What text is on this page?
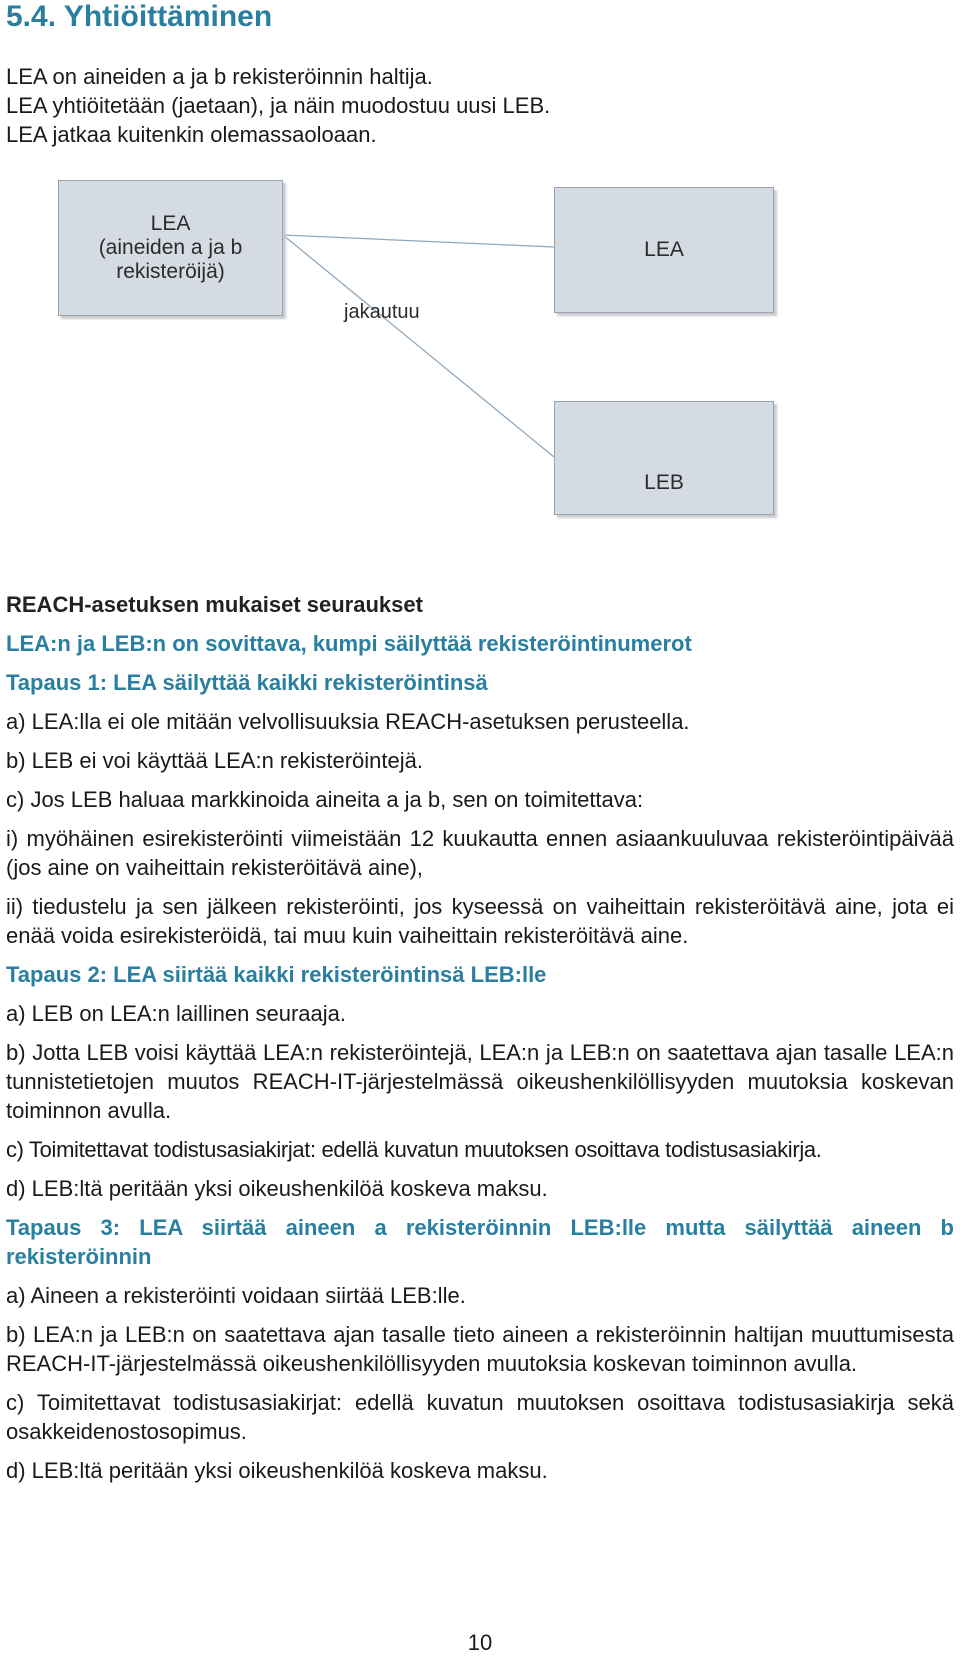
5.4. Yhtiöittäminen
LEA on aineiden a ja b rekisteröinnin haltija.
LEA yhtiöitetään (jaetaan), ja näin muodostuu uusi LEB.
LEA jatkaa kuitenkin olemassaoloaan.
LEA
(aineiden a ja b
rekisteröijä)
LEA
LEB
jakautuu
REACH-asetuksen mukaiset seuraukset
LEA:n ja LEB:n on sovittava, kumpi säilyttää rekisteröintinumerot
Tapaus 1: LEA säilyttää kaikki rekisteröintinsä
a) LEA:lla ei ole mitään velvollisuuksia REACH-asetuksen perusteella.
b) LEB ei voi käyttää LEA:n rekisteröintejä.
c) Jos LEB haluaa markkinoida aineita a ja b, sen on toimitettava:
i) myöhäinen esirekisteröinti viimeistään 12 kuukautta ennen asiaankuuluvaa rekisteröintipäivää (jos aine on vaiheittain rekisteröitävä aine),
ii) tiedustelu ja sen jälkeen rekisteröinti, jos kyseessä on vaiheittain rekisteröitävä aine, jota ei enää voida esirekisteröidä, tai muu kuin vaiheittain rekisteröitävä aine.
Tapaus 2: LEA siirtää kaikki rekisteröintinsä LEB:lle
a) LEB on LEA:n laillinen seuraaja.
b) Jotta LEB voisi käyttää LEA:n rekisteröintejä, LEA:n ja LEB:n on saatettava ajan tasalle LEA:n tunnistetietojen muutos REACH-IT-järjestelmässä oikeushenkilöllisyyden muutoksia koskevan toiminnon avulla.
c) Toimitettavat todistusasiakirjat: edellä kuvatun muutoksen osoittava todistusasiakirja.
d) LEB:ltä peritään yksi oikeushenkilöä koskeva maksu.
Tapaus 3: LEA siirtää aineen a rekisteröinnin LEB:lle mutta säilyttää aineen b rekisteröinnin
a) Aineen a rekisteröinti voidaan siirtää LEB:lle.
b) LEA:n ja LEB:n on saatettava ajan tasalle tieto aineen a rekisteröinnin haltijan muuttumisesta REACH-IT-järjestelmässä oikeushenkilöllisyyden muutoksia koskevan toiminnon avulla.
c) Toimitettavat todistusasiakirjat: edellä kuvatun muutoksen osoittava todistusasiakirja sekä osakkeidenostosopimus.
d) LEB:ltä peritään yksi oikeushenkilöä koskeva maksu.
10
